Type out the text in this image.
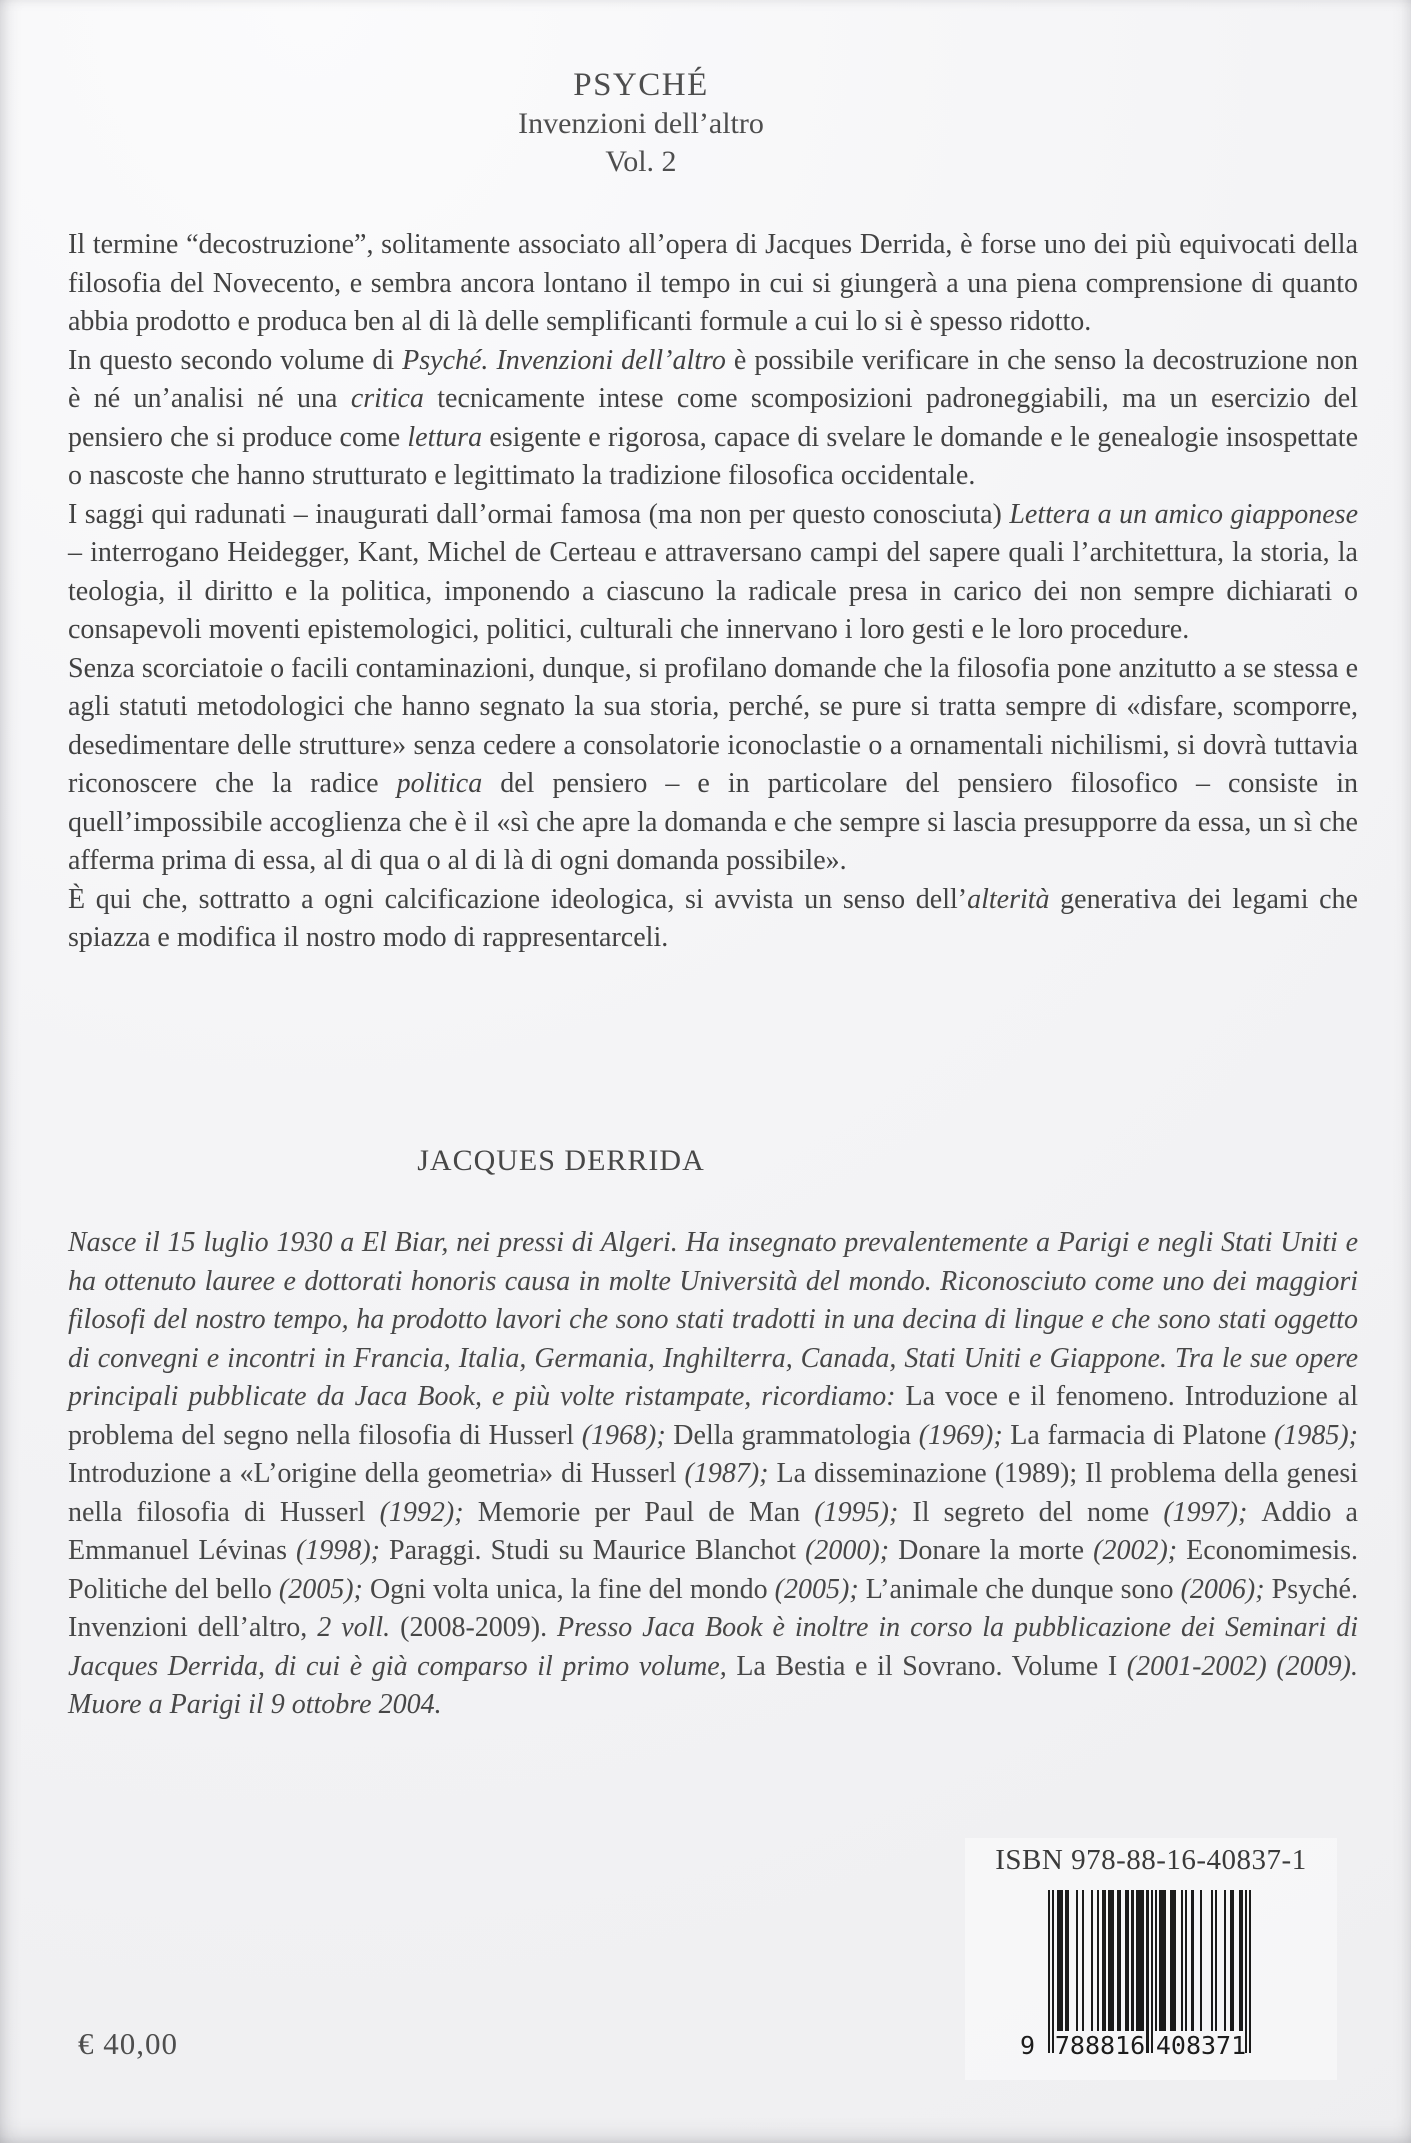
PSYCHÉ
Invenzioni dell’altro
Vol. 2

Il termine “decostruzione”, solitamente associato all’opera di Jacques Derrida, è forse uno dei più equivocati della filosofia del Novecento, e sembra ancora lontano il tempo in cui si giungerà a una piena comprensione di quanto abbia prodotto e produca ben al di là delle semplificanti formule a cui lo si è spesso ridotto.

In questo secondo volume di Psyché. Invenzioni dell’altro è possibile verificare in che senso la decostruzione non è né un’analisi né una critica tecnicamente intese come scomposizioni padroneggiabili, ma un esercizio del pensiero che si produce come lettura esigente e rigorosa, capace di svelare le domande e le genealogie insospettate o nascoste che hanno strutturato e legittimato la tradizione filosofica occidentale.

I saggi qui radunati – inaugurati dall’ormai famosa (ma non per questo conosciuta) Lettera a un amico giapponese – interrogano Heidegger, Kant, Michel de Certeau e attraversano campi del sapere quali l’architettura, la storia, la teologia, il diritto e la politica, imponendo a ciascuno la radicale presa in carico dei non sempre dichiarati o consapevoli moventi epistemologici, politici, culturali che innervano i loro gesti e le loro procedure.

Senza scorciatoie o facili contaminazioni, dunque, si profilano domande che la filosofia pone anzitutto a se stessa e agli statuti metodologici che hanno segnato la sua storia, perché, se pure si tratta sempre di «disfare, scomporre, desedimentare delle strutture» senza cedere a consolatorie iconoclastie o a ornamentali nichilismi, si dovrà tuttavia riconoscere che la radice politica del pensiero – e in particolare del pensiero filosofico – consiste in quell’impossibile accoglienza che è il «sì che apre la domanda e che sempre si lascia presupporre da essa, un sì che afferma prima di essa, al di qua o al di là di ogni domanda possibile».

È qui che, sottratto a ogni calcificazione ideologica, si avvista un senso dell’alterità generativa dei legami che spiazza e modifica il nostro modo di rappresentarceli.

JACQUES DERRIDA

Nasce il 15 luglio 1930 a El Biar, nei pressi di Algeri. Ha insegnato prevalentemente a Parigi e negli Stati Uniti e ha ottenuto lauree e dottorati honoris causa in molte Università del mondo. Riconosciuto come uno dei maggiori filosofi del nostro tempo, ha prodotto lavori che sono stati tradotti in una decina di lingue e che sono stati oggetto di convegni e incontri in Francia, Italia, Germania, Inghilterra, Canada, Stati Uniti e Giappone. Tra le sue opere principali pubblicate da Jaca Book, e più volte ristampate, ricordiamo: La voce e il fenomeno. Introduzione al problema del segno nella filosofia di Husserl (1968); Della grammatologia (1969); La farmacia di Platone (1985); Introduzione a «L’origine della geometria» di Husserl (1987); La disseminazione (1989); Il problema della genesi nella filosofia di Husserl (1992); Memorie per Paul de Man (1995); Il segreto del nome (1997); Addio a Emmanuel Lévinas (1998); Paraggi. Studi su Maurice Blanchot (2000); Donare la morte (2002); Economimesis. Politiche del bello (2005); Ogni volta unica, la fine del mondo (2005); L’animale che dunque sono (2006); Psyché. Invenzioni dell’altro, 2 voll. (2008-2009). Presso Jaca Book è inoltre in corso la pubblicazione dei Seminari di Jacques Derrida, di cui è già comparso il primo volume, La Bestia e il Sovrano. Volume I (2001-2002) (2009). Muore a Parigi il 9 ottobre 2004.

ISBN 978-88-16-40837-1
9 788816 408371
€ 40,00
